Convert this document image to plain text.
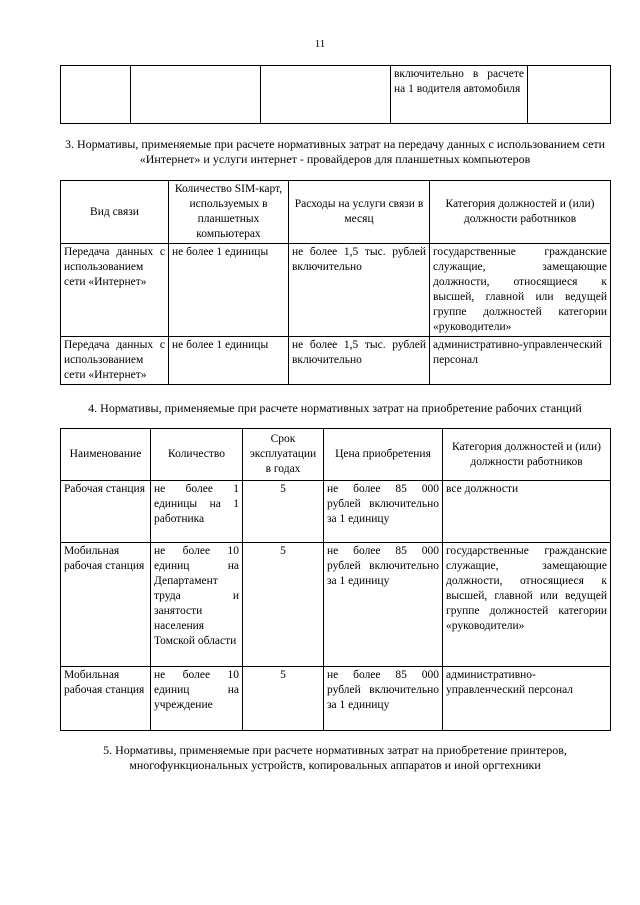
11
			включительно в расчете на 1 водителя автомобиля	
3. Нормативы, применяемые при расчете нормативных затрат на передачу данных с использованием сети «Интернет» и услуги интернет - провайдеров для планшетных компьютеров
Вид связи	Количество SIM-карт, используемых в планшетных компьютерах	Расходы на услуги связи в месяц	Категория должностей и (или) должности работников
Передача данных с использованием сети «Интернет»	не более 1 единицы	не более 1,5 тыс. рублей включительно	государственные гражданские служащие, замещающие должности, относящиеся к высшей, главной или ведущей группе должностей категории «руководители»
Передача данных с использованием сети «Интернет»	не более 1 единицы	не более 1,5 тыс. рублей включительно	административно-управленческий персонал
4. Нормативы, применяемые при расчете нормативных затрат на приобретение рабочих станций
Наименование	Количество	Срок эксплуатации в годах	Цена приобретения	Категория должностей и (или) должности работников
Рабочая станция	не более 1 единицы на 1 работника	5	не более 85 000 рублей включительно за 1 единицу	все должности
Мобильная рабочая станция	не более 10 единиц на Департамент труда и занятости населения Томской области	5	не более 85 000 рублей включительно за 1 единицу	государственные гражданские служащие, замещающие должности, относящиеся к высшей, главной или ведущей группе должностей категории «руководители»
Мобильная рабочая станция	не более 10 единиц на учреждение	5	не более 85 000 рублей включительно за 1 единицу	административно-управленческий персонал
5. Нормативы, применяемые при расчете нормативных затрат на приобретение принтеров, многофункциональных устройств, копировальных аппаратов и иной оргтехники
